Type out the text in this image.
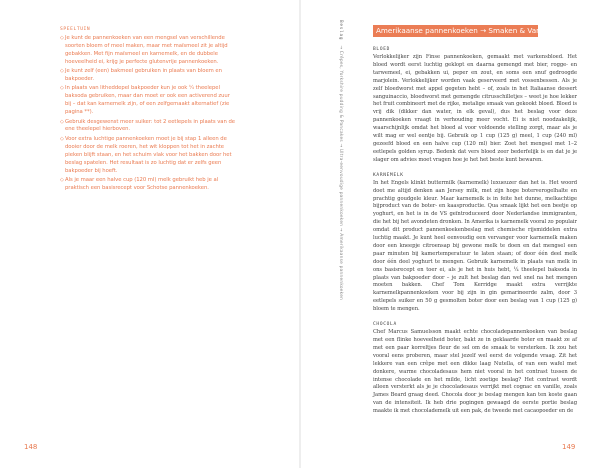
SPEELTUIN
◇ Je kunt de pannenkoeken van een mengsel van verschillende soorten bloem of meel maken, maar met maïsmeel zit je altijd gebakken. Met fijn maïsmeel en karnemelk, en de dubbele hoeveelheid ei, krijg je perfecte glutenvrije pannenkoeken.
◇ Je kunt zelf (een) bakmeel gebruiken in plaats van bloem en bakpoeder.
◇ In plaats van litheddepel bakpoeder kun je ook ¼ theelepel baksoda gebruiken, maar dan moet er ook een activerend zuur bij – dat kan karnemelk zijn, of een zelfgemaakt alternatief (zie pagina **).
◇ Gebruik desgewenst meer suiker: tot 2 eetlepels in plaats van de ene theelepel hierboven.
◇ Voor extra luchtige pannenkoeken moet je bij stap 1 alleen de dooier door de melk roeren, het wit kloppen tot het in zachte pieken blijft staan, en het schuim vlak voor het bakken door het beslag spatelen. Het resultaat is zo luchtig dat er zelfs geen bakpoeder bij hoeft.
◇ Als je maar een halve cup (120 ml) melk gebruikt heb je al praktisch een basisrecept voor Schotse pannenkoeken.
148
Beslag→ Crêpes, Yorkshire pudding & Pancakes → Ultra-eenvoudige pannenkoeken → Amerikaanse pannenkoeken
Amerikaanse pannenkoeken → Smaken & Variaties
BLOED

Verlokkelijker zijn Finse pannenkoeken, gemaakt met varkensbloed. Het bloed wordt eerst luchtig geklopt en daarna gemengd met bier, rogge- en tarwemeel, ei, gebakken ui, peper en zout, en soms een snuf gedroogde marjolein. Verlokkelijker worden vaak geserveerd met vossenbessen. Als je zelf bloedworst met appel gegeten hebt – of, zoals in het Italiaanse dessert sanguinaccio, bloedworst met gemengde citrusschilletjes – weet je hoe lekker het fruit combineert met de rijke, metalige smaak van gekookt bloed. Bloed is vrij dik (dikker dan water, in elk geval), dus het beslag voor deze pannenkoeken vraagt in verhouding meer vocht. Ei is niet noodzakelijk, waarschijnlijk omdat het bloed al voor voldoende stelling zorgt, maar als je wilt mag er wel eentje bij. Gebruik op 1 cup (125 g) meel, 1 cup (240 ml) gezeefd bloed en een halve cup (120 ml) bier. Zoet het mengsel met 1–2 eetlepels golden syrup. Bedenk dat vers bloed zeer bederfelijk is en dat je je slager om advies moet vragen hoe je het het beste kunt bewaren.

KARNEMELK

In het Engels klinkt buttermilk (karnemelk) luxueuzer dan het is. Het woord doet me altijd denken aan Jersey milk, met zijn hoge boterverogelhalte en prachtig goudgele kleur. Maar karnemelk is in feite het dunne, melkachtige bijproduct van de boter- en kaasproductie. Qua smaak lijkt het een beetje op yoghurt, en het is in de VS geïntroduceerd door Nederlandse immigranten, die het bij het avondeten dronken. In Amerika is karnemelk vooral zo populair omdat dit product pannenkoekenbeslag met chemische rijsmiddelen extra luchtig maakt. Je kunt heel eenvoudig een vervanger voor karnemelk maken door een kneepje citroensap bij gewone melk te doen en dat mengsel een paar minuten bij kamertemperatuur te laten staan; of door één deel melk door één deel yoghurt te mengen. Gebruik karnemelk in plaats van melk in ons basisrecept en toer ei, als je het in huis hebt, ¼ theelepel baksoda in plaats van bakpoeder door – je zult het beslag dan wel snel na het mengen moeten bakken. Chef Tom Kerridge maakt extra verrijkte karnemelkpannenkoeken voor bij zijn in gin gemarineerde zalm, door 3 eetlepels suiker en 50 g gesmolten boter door een beslag van 1 cup (125 g) bloem te mengen.

CHOCOLA

Chef Marcus Samuelsson maakt echte chocoladepannenkoeken van beslag met een flinke hoeveelheid boter, bakt ze in geklaarde boter en maakt ze af met een paar korreltjes fleur de sel om de smaak te versterken. Ik zou het vooral eens proberen, maar stel jezelf wel eerst de volgende vraag. Zit het lekkere van een crêpe met een dikke laag Nutella, of van een wafel met donkere, warme chocoladesaus hem niet vooral in het contrast tussen de intense chocolade en het milde, licht zoetige beslag? Het contrast wordt alleen versterkt als je je chocoladesaus verrijkt met cognac en vanille, zoals James Beard graag deed. Chocola door je beslag mengen kan ten koste gaan van de intensiteit. Ik heb drie pogingen gewaagd de eerste portie beslag maakte ik met chocolademelk uit een pak, de tweede met cacaopoeder en de

149
